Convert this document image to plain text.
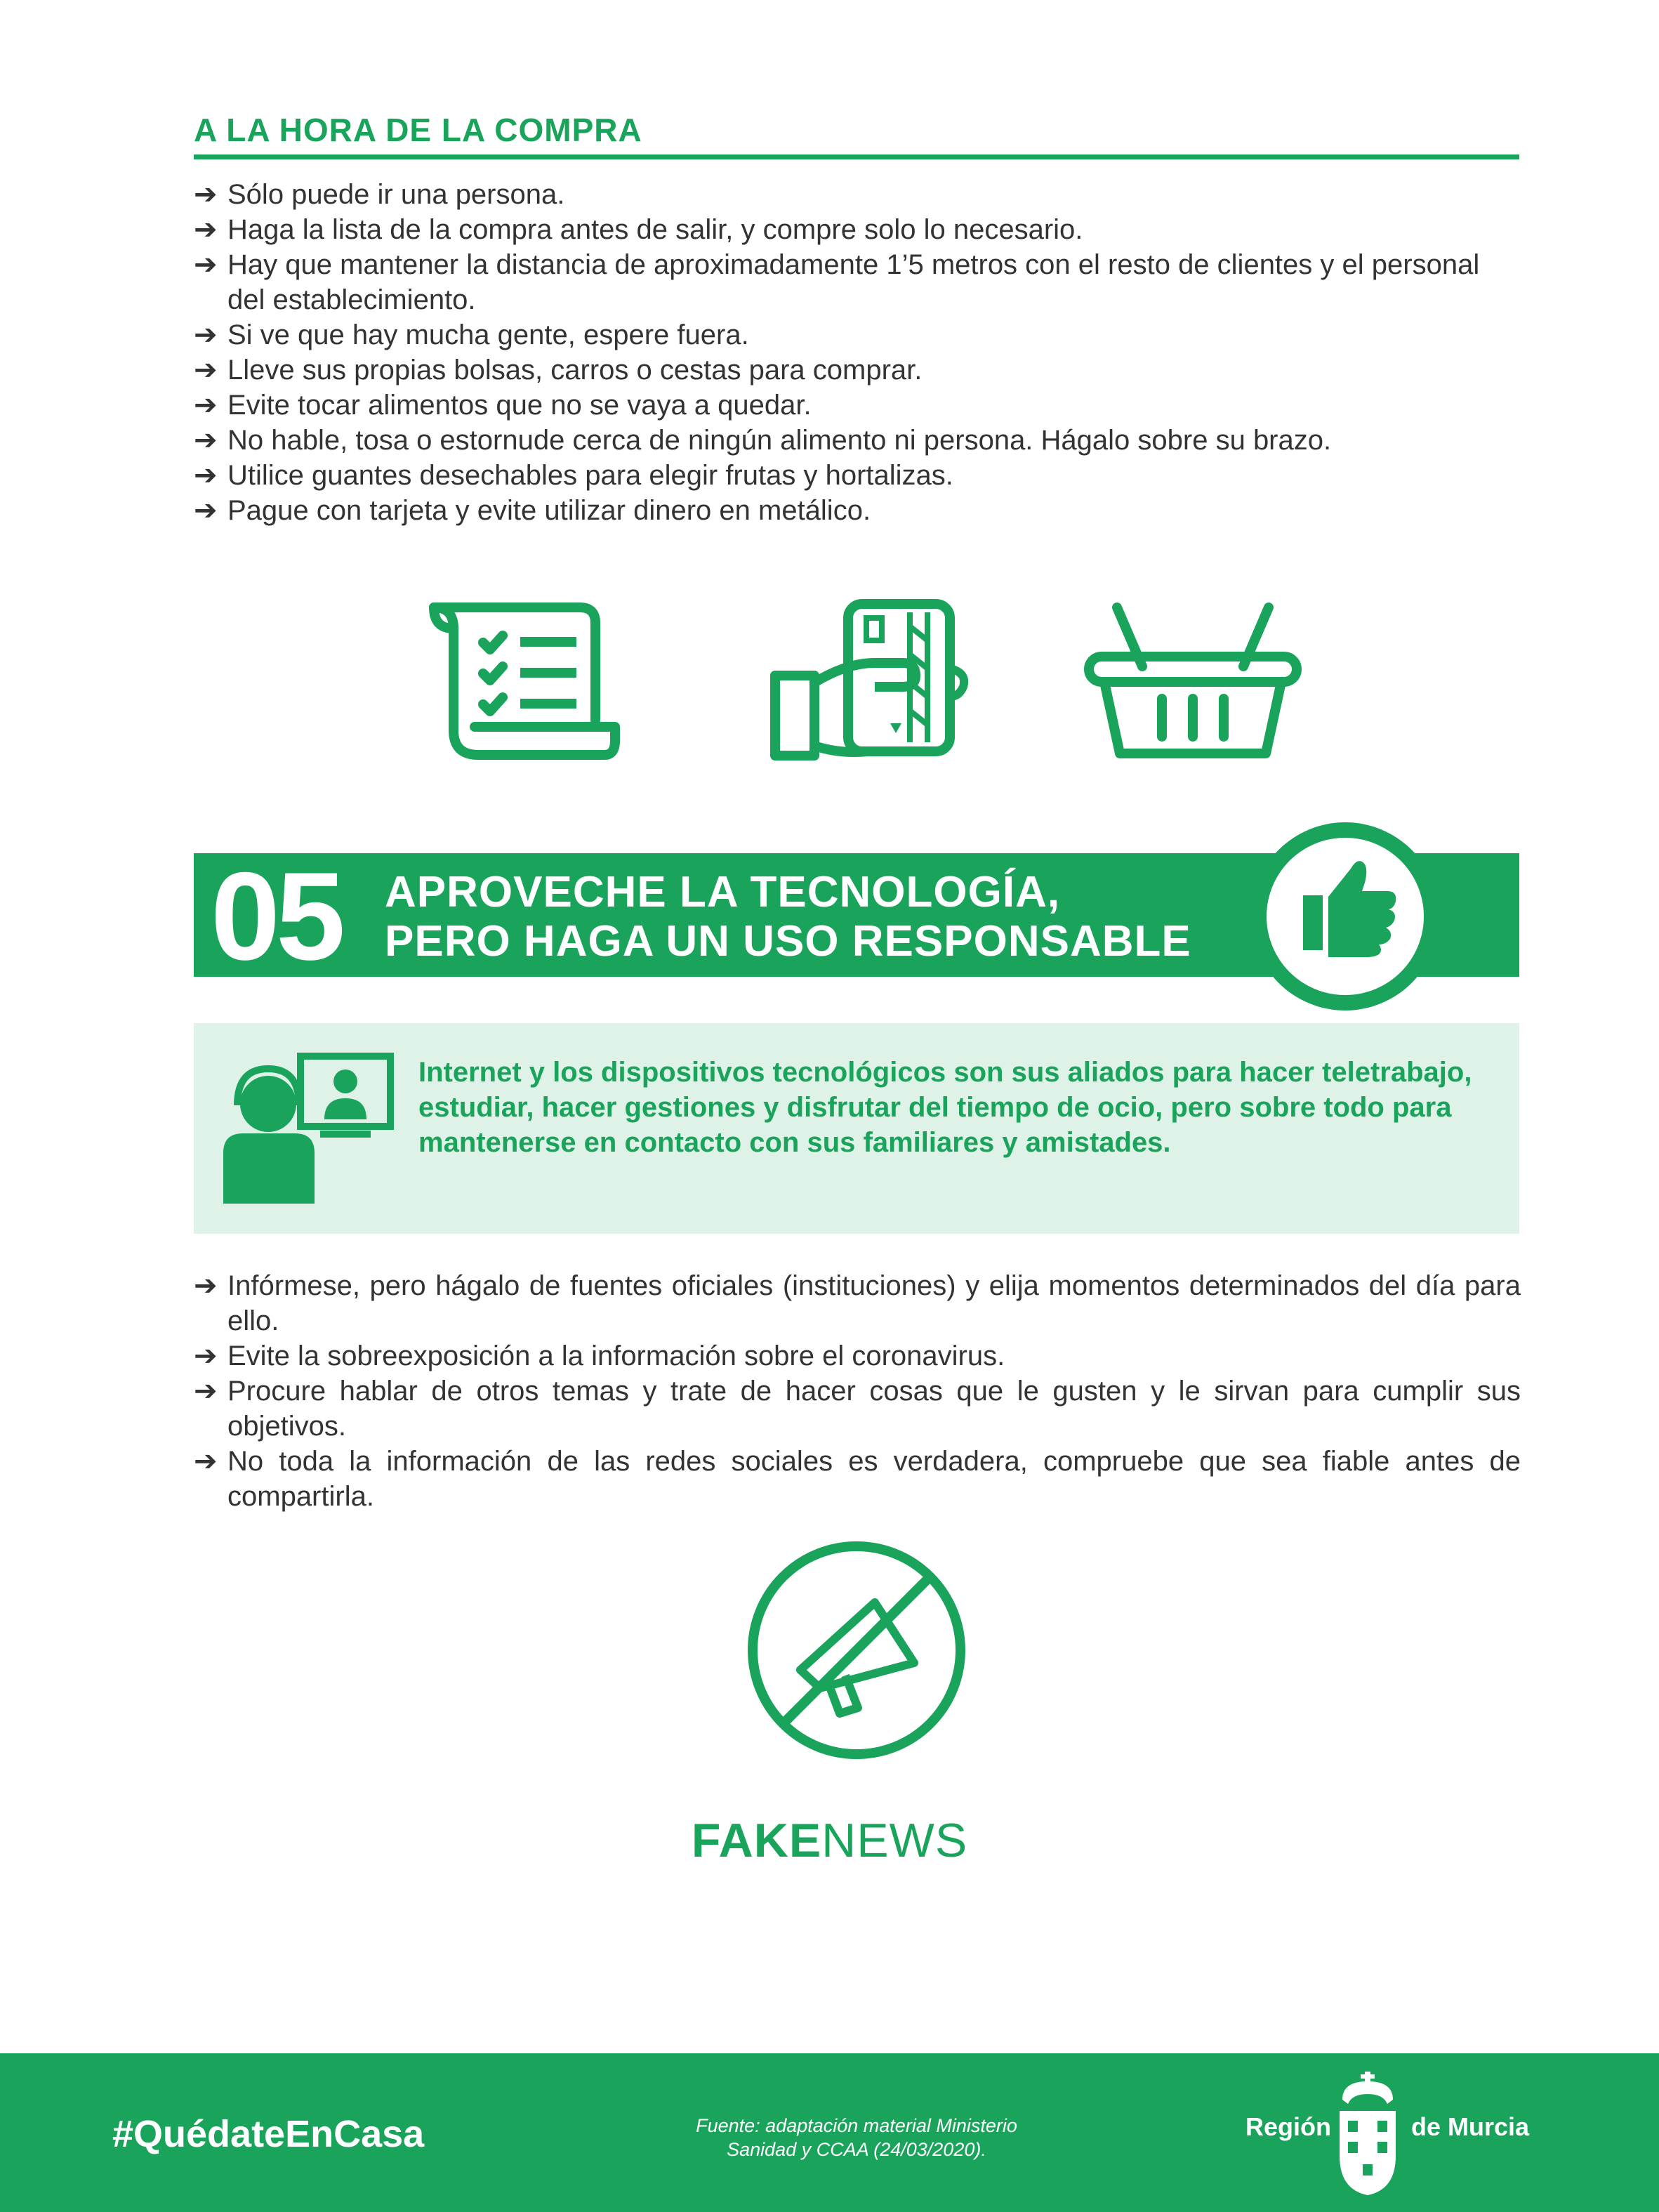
A LA HORA DE LA COMPRA
➔ Sólo puede ir una persona.
➔ Haga la lista de la compra antes de salir, y compre solo lo necesario.
➔ Hay que mantener la distancia de aproximadamente 1’5 metros con el resto de clientes y el personal del establecimiento.
➔ Si ve que hay mucha gente, espere fuera.
➔ Lleve sus propias bolsas, carros o cestas para comprar.
➔ Evite tocar alimentos que no se vaya a quedar.
➔ No hable, tosa o estornude cerca de ningún alimento ni persona. Hágalo sobre su brazo.
➔ Utilice guantes desechables para elegir frutas y hortalizas.
➔ Pague con tarjeta y evite utilizar dinero en metálico.
05 APROVECHE LA TECNOLOGÍA,
PERO HAGA UN USO RESPONSABLE
Internet y los dispositivos tecnológicos son sus aliados para hacer teletrabajo, estudiar, hacer gestiones y disfrutar del tiempo de ocio, pero sobre todo para mantenerse en contacto con sus familiares y amistades.
➔ Infórmese, pero hágalo de fuentes oficiales (instituciones) y elija momentos determinados del día para ello.
➔ Evite la sobreexposición a la información sobre el coronavirus.
➔ Procure hablar de otros temas y trate de hacer cosas que le gusten y le sirvan para cumplir sus objetivos.
➔ No toda la información de las redes sociales es verdadera, compruebe que sea fiable antes de compartirla.
FAKENEWS
#QuédateEnCasa	Fuente: adaptación material Ministerio
Sanidad y CCAA (24/03/2020).
Región	de Murcia
